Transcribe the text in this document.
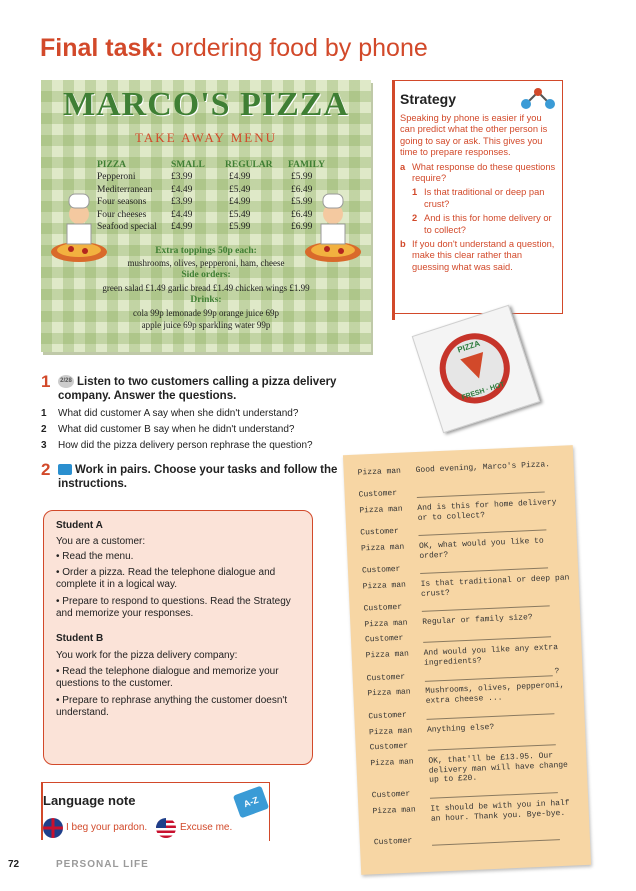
Final task: ordering food by phone
MARCO'S PIZZA
TAKE AWAY MENU
PIZZA	SMALL REGULAR FAMILY
Pepperoni	£3.99	£4.99	£5.99
Mediterranean £4.49	£5.49	£6.49
Four seasons	£3.99	£4.99	£5.99
Four cheeses	£4.49	£5.49	£6.49
Seafood special £4.99	£5.99	£6.99
Extra toppings 50p each:
mushrooms, olives, pepperoni, ham, cheese
Side orders:
green salad £1.49 garlic bread £1.49 chicken wings £1.99
Drinks:
cola 99p lemonade 99p orange juice 69p
apple juice 69p sparkling water 99p
Strategy
Speaking by phone is easier if you can predict what the other person is going to say or ask. This gives you time to prepare responses.
a What response do these questions require?
1 Is that traditional or deep pan crust?
2 And is this for home delivery or to collect?
b If you don't understand a question, make this clear rather than guessing what was said.
PIZZA
FRESH · HOT
1	2/28 Listen to two customers calling a pizza delivery company. Answer the questions.
1 What did customer A say when she didn't understand?
2 What did customer B say when he didn't understand?
3 How did the pizza delivery person rephrase the question?
2	Work in pairs. Choose your tasks and follow the instructions.
Student A
You are a customer:
• Read the menu.
• Order a pizza. Read the telephone dialogue and complete it in a logical way.
• Prepare to respond to questions. Read the Strategy and memorize your responses.
Student B
You work for the pizza delivery company:
• Read the telephone dialogue and memorize your questions to the customer.
• Prepare to rephrase anything the customer doesn't understand.
Language note	A-Z
I beg your pardon.	Excuse me.
72	PERSONAL LIFE
Pizza man Good evening, Marco's Pizza.
Customer
Pizza man And is this for home delivery or to collect?
Customer
Pizza man OK, what would you like to order?
Customer
Pizza man Is that traditional or deep pan crust?
Customer
Pizza man Regular or family size?
Customer
Pizza man And would you like any extra ingredients?
Customer
?
Pizza man Mushrooms, olives, pepperoni, extra cheese ...
Customer
Pizza man Anything else?
Customer
Pizza man OK, that'll be £13.95. Our delivery man will have change up to £20.
Customer
Pizza man It should be with you in half an hour. Thank you. Bye-bye.
Customer
